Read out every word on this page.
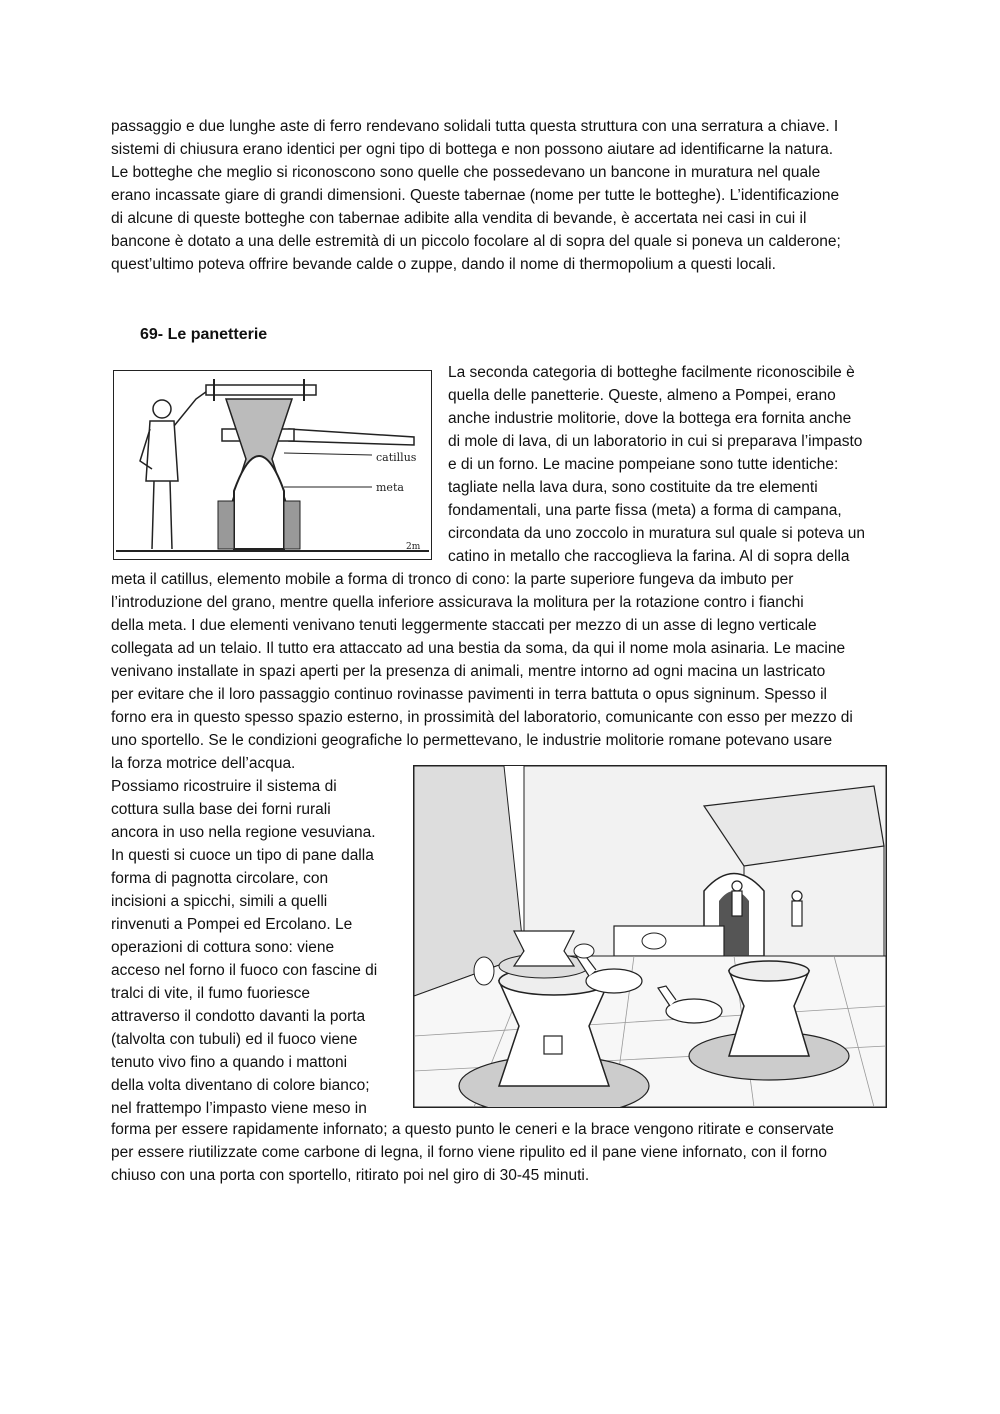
passaggio e due lunghe aste di ferro rendevano solidali tutta questa struttura con una serratura a chiave. I
sistemi di chiusura erano identici per ogni tipo di bottega e non possono aiutare ad identificarne la natura.
Le botteghe che meglio si riconoscono sono quelle che possedevano un bancone in muratura nel quale
erano incassate giare di grandi dimensioni. Queste tabernae (nome per tutte le botteghe). L’identificazione
di alcune di queste botteghe con tabernae adibite alla vendita di bevande, è accertata nei casi in cui il
bancone è dotato a una delle estremità di un piccolo focolare al di sopra del quale si poneva un calderone;
quest’ultimo poteva offrire bevande calde o zuppe, dando il nome di thermopolium a questi locali.
69- Le panetterie
catillus
meta
2m
La seconda categoria di botteghe facilmente riconoscibile è
quella delle panetterie. Queste, almeno a Pompei, erano
anche industrie molitorie, dove la bottega era fornita anche
di mole di lava, di un laboratorio in cui si preparava l’impasto
e di un forno. Le macine pompeiane sono tutte identiche:
tagliate nella lava dura, sono costituite da tre elementi
fondamentali, una parte fissa (meta) a forma di campana,
circondata da uno zoccolo in muratura sul quale si poteva un
catino in metallo che raccoglieva la farina. Al di sopra della
meta il catillus, elemento mobile a forma di tronco di cono: la parte superiore fungeva da imbuto per
l’introduzione del grano, mentre quella inferiore assicurava la molitura per la rotazione contro i fianchi
della meta. I due elementi venivano tenuti leggermente staccati per mezzo di un asse di legno verticale
collegata ad un telaio. Il tutto era attaccato ad una bestia da soma, da qui il nome mola asinaria. Le macine
venivano installate in spazi aperti per la presenza di animali, mentre intorno ad ogni macina un lastricato
per evitare che il loro passaggio continuo rovinasse pavimenti in terra battuta o opus signinum. Spesso il
forno era in questo spesso spazio esterno, in prossimità del laboratorio, comunicante con esso per mezzo di
uno sportello. Se le condizioni geografiche lo permettevano, le industrie molitorie romane potevano usare
la forza motrice dell’acqua.
Possiamo ricostruire il sistema di
cottura sulla base dei forni rurali
ancora in uso nella regione vesuviana.
In questi si cuoce un tipo di pane dalla
forma di pagnotta circolare, con
incisioni a spicchi, simili a quelli
rinvenuti a Pompei ed Ercolano. Le
operazioni di cottura sono: viene
acceso nel forno il fuoco con fascine di
tralci di vite, il fumo fuoriesce
attraverso il condotto davanti la porta
(talvolta con tubuli) ed il fuoco viene
tenuto vivo fino a quando i mattoni
della volta diventano di colore bianco;
nel frattempo l’impasto viene meso in
forma per essere rapidamente infornato; a questo punto le ceneri e la brace vengono ritirate e conservate
per essere riutilizzate come carbone di legna, il forno viene ripulito ed il pane viene infornato, con il forno
chiuso con una porta con sportello, ritirato poi nel giro di 30-45 minuti.
